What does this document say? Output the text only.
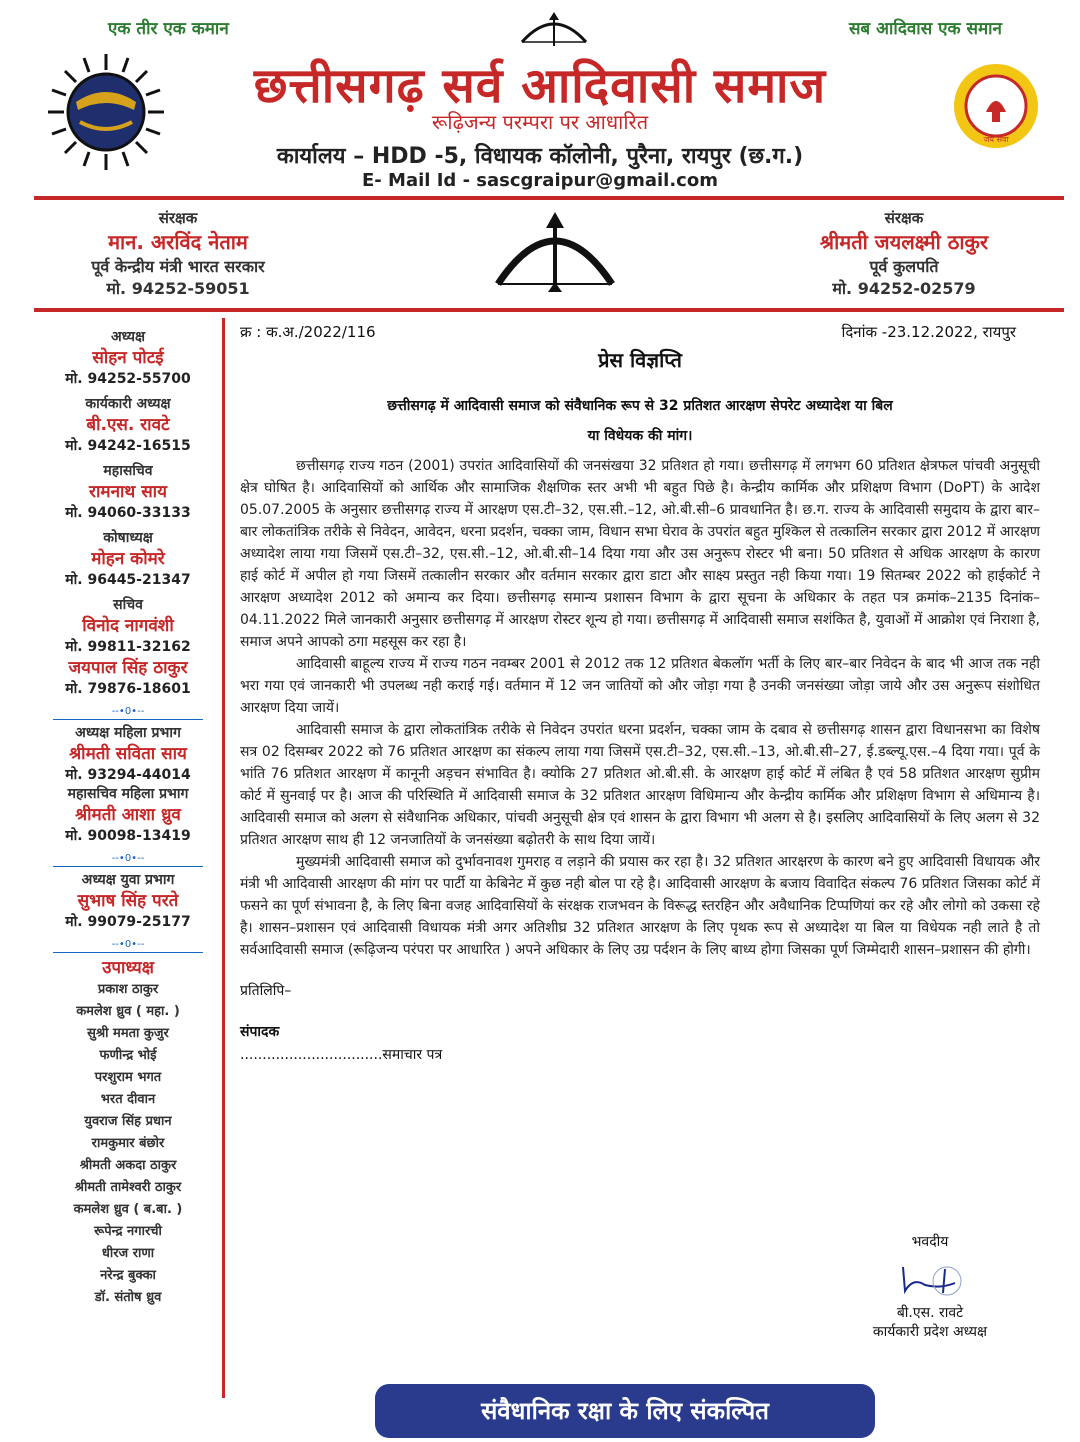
एक तीर एक कमान	सब आदिवास एक समान
जय सेवा
छत्तीसगढ़ सर्व आदिवासी समाज
रूढ़िजन्य परम्परा पर आधारित
कार्यालय – HDD -5, विधायक कॉलोनी, पुरैना, रायपुर (छ.ग.)
E- Mail Id - sascgraipur@gmail.com
संरक्षक
मान. अरविंद नेताम
पूर्व केन्द्रीय मंत्री भारत सरकार
मो. 94252-59051
संरक्षक
श्रीमती जयलक्ष्मी ठाकुर
पूर्व कुलपति
मो. 94252-02579
अध्यक्ष
सोहन पोटई
मो. 94252-55700
कार्यकारी अध्यक्ष
बी.एस. रावटे
मो. 94242-16515
महासचिव
रामनाथ साय
मो. 94060-33133
कोषाध्यक्ष
मोहन कोमरे
मो. 96445-21347
सचिव
विनोद नागवंशी
मो. 99811-32162
जयपाल सिंह ठाकुर
मो. 79876-18601
--•0•--
अध्यक्ष महिला प्रभाग
श्रीमती सविता साय
मो. 93294-44014
महासचिव महिला प्रभाग
श्रीमती आशा ध्रुव
मो. 90098-13419
--•0•--
अध्यक्ष युवा प्रभाग
सुभाष सिंह परते
मो. 99079-25177
--•0•--
उपाध्यक्ष
प्रकाश ठाकुर
कमलेश ध्रुव ( महा. )
सुश्री ममता कुजुर
फणीन्द्र भोई
परशुराम भगत
भरत दीवान
युवराज सिंह प्रधान
रामकुमार बंछोर
श्रीमती अकदा ठाकुर
श्रीमती तामेश्वरी ठाकुर
कमलेश ध्रुव ( ब.बा. )
रूपेन्द्र नगारची
धीरज राणा
नरेन्द्र बुक्का
डॉ. संतोष ध्रुव
क्र : क.अ./2022/116	दिनांक -23.12.2022, रायपुर
प्रेस विज्ञप्ति
छत्तीसगढ़ में आदिवासी समाज को संवैधानिक रूप से 32 प्रतिशत आरक्षण सेपरेट अध्यादेश या बिल
या विधेयक की मांग।

छत्तीसगढ़ राज्य गठन (2001) उपरांत आदिवासियों की जनसंखया 32 प्रतिशत हो गया। छत्तीसगढ़ में लगभग 60 प्रतिशत क्षेत्रफल पांचवी अनुसूची क्षेत्र घोषित है। आदिवासियों को आर्थिक और सामाजिक शैक्षणिक स्तर अभी भी बहुत पिछे है। केन्द्रीय कार्मिक और प्रशिक्षण विभाग (DoPT) के आदेश 05.07.2005 के अनुसार छत्तीसगढ़ राज्य में आरक्षण एस.टी–32, एस.सी.–12, ओ.बी.सी–6 प्रावधानित है। छ.ग. राज्य के आदिवासी समुदाय के द्वारा बार–बार लोकतांत्रिक तरीके से निवेदन, आवेदन, धरना प्रदर्शन, चक्का जाम, विधान सभा घेराव के उपरांत बहुत मुश्किल से तत्कालिन सरकार द्वारा 2012 में आरक्षण अध्यादेश लाया गया जिसमें एस.टी–32, एस.सी.–12, ओ.बी.सी–14 दिया गया और उस अनुरूप रोस्टर भी बना। 50 प्रतिशत से अधिक आरक्षण के कारण हाई कोर्ट में अपील हो गया जिसमें तत्कालीन सरकार और वर्तमान सरकार द्वारा डाटा और साक्ष्य प्रस्तुत नही किया गया। 19 सितम्बर 2022 को हाईकोर्ट ने आरक्षण अध्यादेश 2012 को अमान्य कर दिया। छत्तीसगढ़ समान्य प्रशासन विभाग के द्वारा सूचना के अधिकार के तहत पत्र क्रमांक–2135 दिनांक–04.11.2022 मिले जानकारी अनुसार छत्तीसगढ़ में आरक्षण रोस्टर शून्य हो गया। छत्तीसगढ़ में आदिवासी समाज सशंकित है, युवाओं में आक्रोश एवं निराशा है, समाज अपने आपको ठगा महसूस कर रहा है।

आदिवासी बाहूल्य राज्य में राज्य गठन नवम्बर 2001 से 2012 तक 12 प्रतिशत बेकलॉग भर्ती के लिए बार–बार निवेदन के बाद भी आज तक नही भरा गया एवं जानकारी भी उपलब्ध नही कराई गई। वर्तमान में 12 जन जातियों को और जोड़ा गया है उनकी जनसंख्या जोड़ा जाये और उस अनुरूप संशोधित आरक्षण दिया जायें।

आदिवासी समाज के द्वारा लोकतांत्रिक तरीके से निवेदन उपरांत धरना प्रदर्शन, चक्का जाम के दबाव से छत्तीसगढ़ शासन द्वारा विधानसभा का विशेष सत्र 02 दिसम्बर 2022 को 76 प्रतिशत आरक्षण का संकल्प लाया गया जिसमें एस.टी–32, एस.सी.–13, ओ.बी.सी–27, ई.डब्ल्यू.एस.–4 दिया गया। पूर्व के भांति 76 प्रतिशत आरक्षण में कानूनी अड़चन संभावित है। क्योकि 27 प्रतिशत ओ.बी.सी. के आरक्षण हाई कोर्ट में लंबित है एवं 58 प्रतिशत आरक्षण सुप्रीम कोर्ट में सुनवाई पर है। आज की परिस्थिति में आदिवासी समाज के 32 प्रतिशत आरक्षण विधिमान्य और केन्द्रीय कार्मिक और प्रशिक्षण विभाग से अधिमान्य है। आदिवासी समाज को अलग से संवैधानिक अधिकार, पांचवी अनुसूची क्षेत्र एवं शासन के द्वारा विभाग भी अलग से है। इसलिए आदिवासियों के लिए अलग से 32 प्रतिशत आरक्षण साथ ही 12 जनजातियों के जनसंख्या बढ़ोतरी के साथ दिया जायें।

मुख्यमंत्री आदिवासी समाज को दुर्भावनावश गुमराह व लड़ाने की प्रयास कर रहा है। 32 प्रतिशत आरक्षरण के कारण बने हुए आदिवासी विधायक और मंत्री भी आदिवासी आरक्षण की मांग पर पार्टी या केबिनेट में कुछ नही बोल पा रहे है। आदिवासी आरक्षण के बजाय विवादित संकल्प 76 प्रतिशत जिसका कोर्ट में फसने का पूर्ण संभावना है, के लिए बिना वजह आदिवासियों के संरक्षक राजभवन के विरूद्ध स्तरहिन और अवैधानिक टिप्पणियां कर रहे और लोगो को उकसा रहे है। शासन–प्रशासन एवं आदिवासी विधायक मंत्री अगर अतिशीघ्र 32 प्रतिशत आरक्षण के लिए पृथक रूप से अध्यादेश या बिल या विधेयक नही लाते है तो सर्वआदिवासी समाज (रूढ़िजन्य परंपरा पर आधारित ) अपने अधिकार के लिए उग्र पर्दशन के लिए बाध्य होगा जिसका पूर्ण जिम्मेदारी शासन–प्रशासन की होगी।

प्रतिलिपि–
संपादक
................................समाचार पत्र
भवदीय
बी.एस. रावटे
कार्यकारी प्रदेश अध्यक्ष
संवैधानिक रक्षा के लिए संकल्पित
